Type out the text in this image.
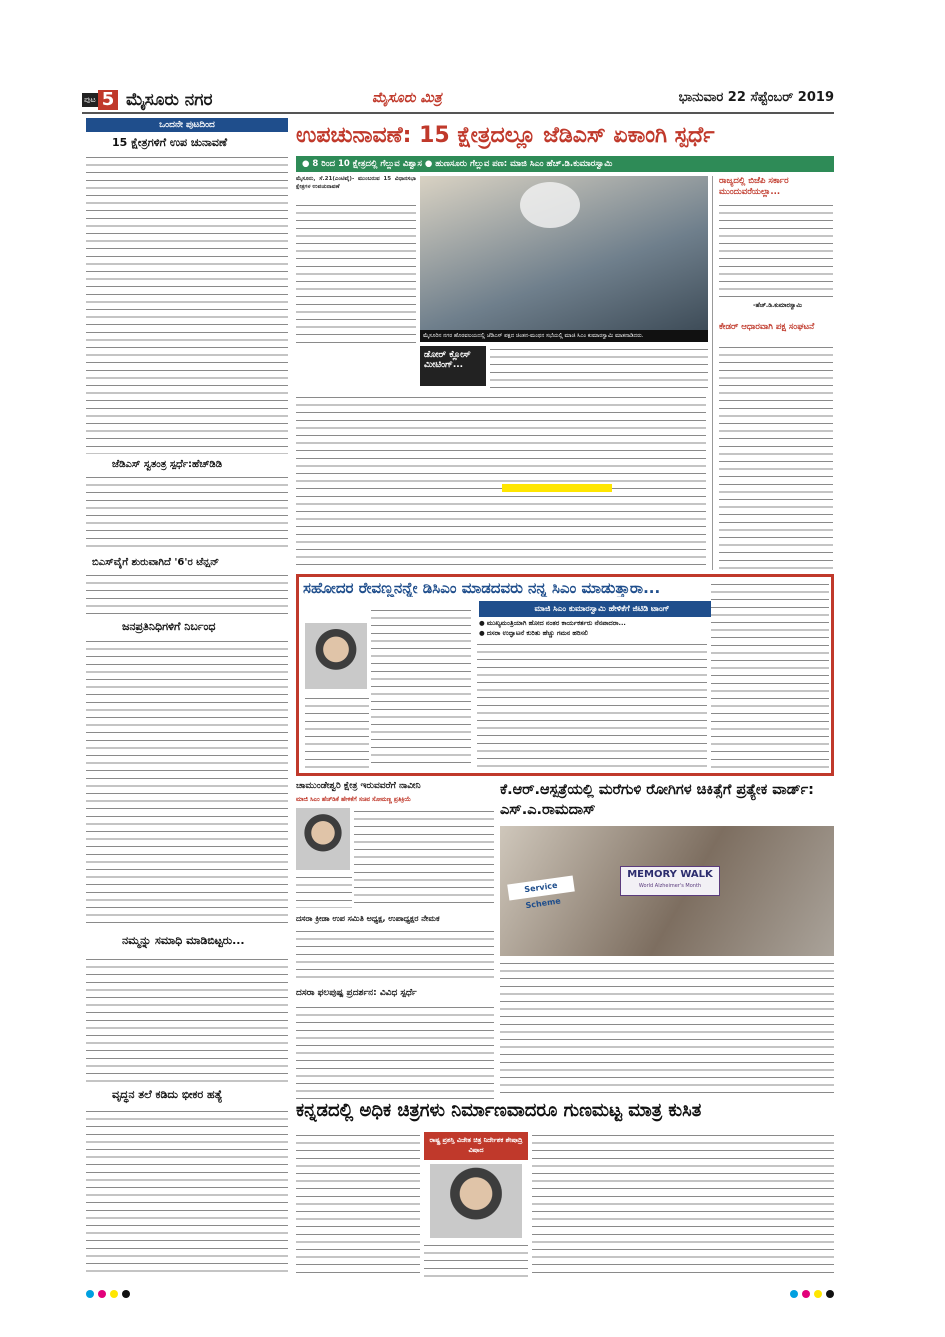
ಪುಟ 5 ಮೈಸೂರು ನಗರ	ಮೈಸೂರು ಮಿತ್ರ	ಭಾನುವಾರ 22 ಸೆಪ್ಟೆಂಬರ್ 2019
ಒಂದನೇ ಪುಟದಿಂದ
15 ಕ್ಷೇತ್ರಗಳಿಗೆ ಉಪ ಚುನಾವಣೆ
ಜೆಡಿಎಸ್ ಸ್ವತಂತ್ರ ಸ್ಪರ್ಧೆ:ಹೆಚ್‌ಡಿಡಿ
ಬಿಎಸ್‌ವೈಗೆ ಶುರುವಾಗಿದೆ '6'ರ ಟೆನ್ಷನ್
ಜನಪ್ರತಿನಿಧಿಗಳಿಗೆ ನಿರ್ಬಂಧ
ನಮ್ಮನ್ನು ಸಮಾಧಿ ಮಾಡಿಬಿಟ್ಟರು...
ವೃದ್ಧನ ತಲೆ ಕಡಿದು ಭೀಕರ ಹತ್ಯೆ
ಉಪಚುನಾವಣೆ: 15 ಕ್ಷೇತ್ರದಲ್ಲೂ ಜೆಡಿಎಸ್ ಏಕಾಂಗಿ ಸ್ಪರ್ಧೆ
● 8 ರಿಂದ 10 ಕ್ಷೇತ್ರದಲ್ಲಿ ಗೆಲ್ಲುವ ವಿಶ್ವಾಸ ● ಹುಣಸೂರು ಗೆಲ್ಲುವ ಪಣ: ಮಾಜಿ ಸಿಎಂ ಹೆಚ್.ಡಿ.ಕುಮಾರಸ್ವಾಮಿ
ಮೈಸೂರು, ಸೆ.21(ಎಂಟಿವೈ)- ಮುಂಬರುವ 15 ವಿಧಾನಸಭಾ ಕ್ಷೇತ್ರಗಳ ಉಪಚುನಾವಣೆ
ಮೈಸೂರಿನ ನಗರ ಹೊರವಲಯದಲ್ಲಿ ಜೆಡಿಎಸ್ ಪಕ್ಷದ ಚಿಂತನ-ಮಂಥನ ಸಭೆಯಲ್ಲಿ ಮಾಜಿ ಸಿಎಂ ಕುಮಾರಸ್ವಾಮಿ ಮಾತನಾಡಿದರು.
ಡೋರ್ ಕ್ಲೋಸ್ ಮೀಟಿಂಗ್...
ರಾಜ್ಯದಲ್ಲಿ ಬಿಜೆಪಿ ಸರ್ಕಾರ ಮುಂದುವರೆಯಲ್ಲಾ...
-ಹೆಚ್.ಡಿ.ಕುಮಾರಸ್ವಾಮಿ
ಕೇಡರ್ ಆಧಾರವಾಗಿ ಪಕ್ಷ ಸಂಘಟನೆ
ಸಹೋದರ ರೇವಣ್ಣನನ್ನೇ ಡಿಸಿಎಂ ಮಾಡದವರು ನನ್ನ ಸಿಎಂ ಮಾಡುತ್ತಾರಾ...
ಮಾಜಿ ಸಿಎಂ ಕುಮಾರಸ್ವಾಮಿ ಹೇಳಿಕೆಗೆ ಜಿಟಿಡಿ ಟಾಂಗ್
● ಮುಖ್ಯಮಂತ್ರಿಯಾಗಿ ಹೋದ ನಂತರ ಕಾರ್ಯಕರ್ತರು ನೆನಪಾದರಾ...
● ದಸರಾ ಉದ್ಘಾಟನೆ ಕುರಿತು ಹೆಚ್ಚು ಗಮನ ಹರಿಸಲಿ
ಚಾಮುಂಡೇಶ್ವರಿ ಕ್ಷೇತ್ರ ಇರುವವರೆಗೆ ನಾವೀನಿ
ಮಾಜಿ ಸಿಎಂ ಹೆಚ್‌ಡಿಕೆ ಹೇಳಿಕೆಗೆ ಸಚಿವ ಸೋಮಣ್ಣ ಪ್ರತಿಕ್ರಿಯೆ
ದಸರಾ ಕ್ರೀಡಾ ಉಪ ಸಮಿತಿ ಅಧ್ಯಕ್ಷ, ಉಪಾಧ್ಯಕ್ಷರ ನೇಮಕ
ದಸರಾ ಫಲಪುಷ್ಪ ಪ್ರದರ್ಶನ: ವಿವಿಧ ಸ್ಪರ್ಧೆ
ಕೆ.ಆರ್.ಆಸ್ಪತ್ರೆಯಲ್ಲಿ ಮರೆಗುಳಿ ರೋಗಿಗಳ ಚಿಕಿತ್ಸೆಗೆ ಪ್ರತ್ಯೇಕ ವಾರ್ಡ್: ಎಸ್.ಎ.ರಾಮದಾಸ್
Service Scheme
MEMORY WALK
World Alzheimer's Month
ಕನ್ನಡದಲ್ಲಿ ಅಧಿಕ ಚಿತ್ರಗಳು ನಿರ್ಮಾಣವಾದರೂ ಗುಣಮಟ್ಟ ಮಾತ್ರ ಕುಸಿತ
ರಾಷ್ಟ್ರ ಪ್ರಶಸ್ತಿ ವಿಜೇತ ಚಿತ್ರ ನಿರ್ದೇಶಕ ಶೇಷಾದ್ರಿ ವಿಷಾದ
